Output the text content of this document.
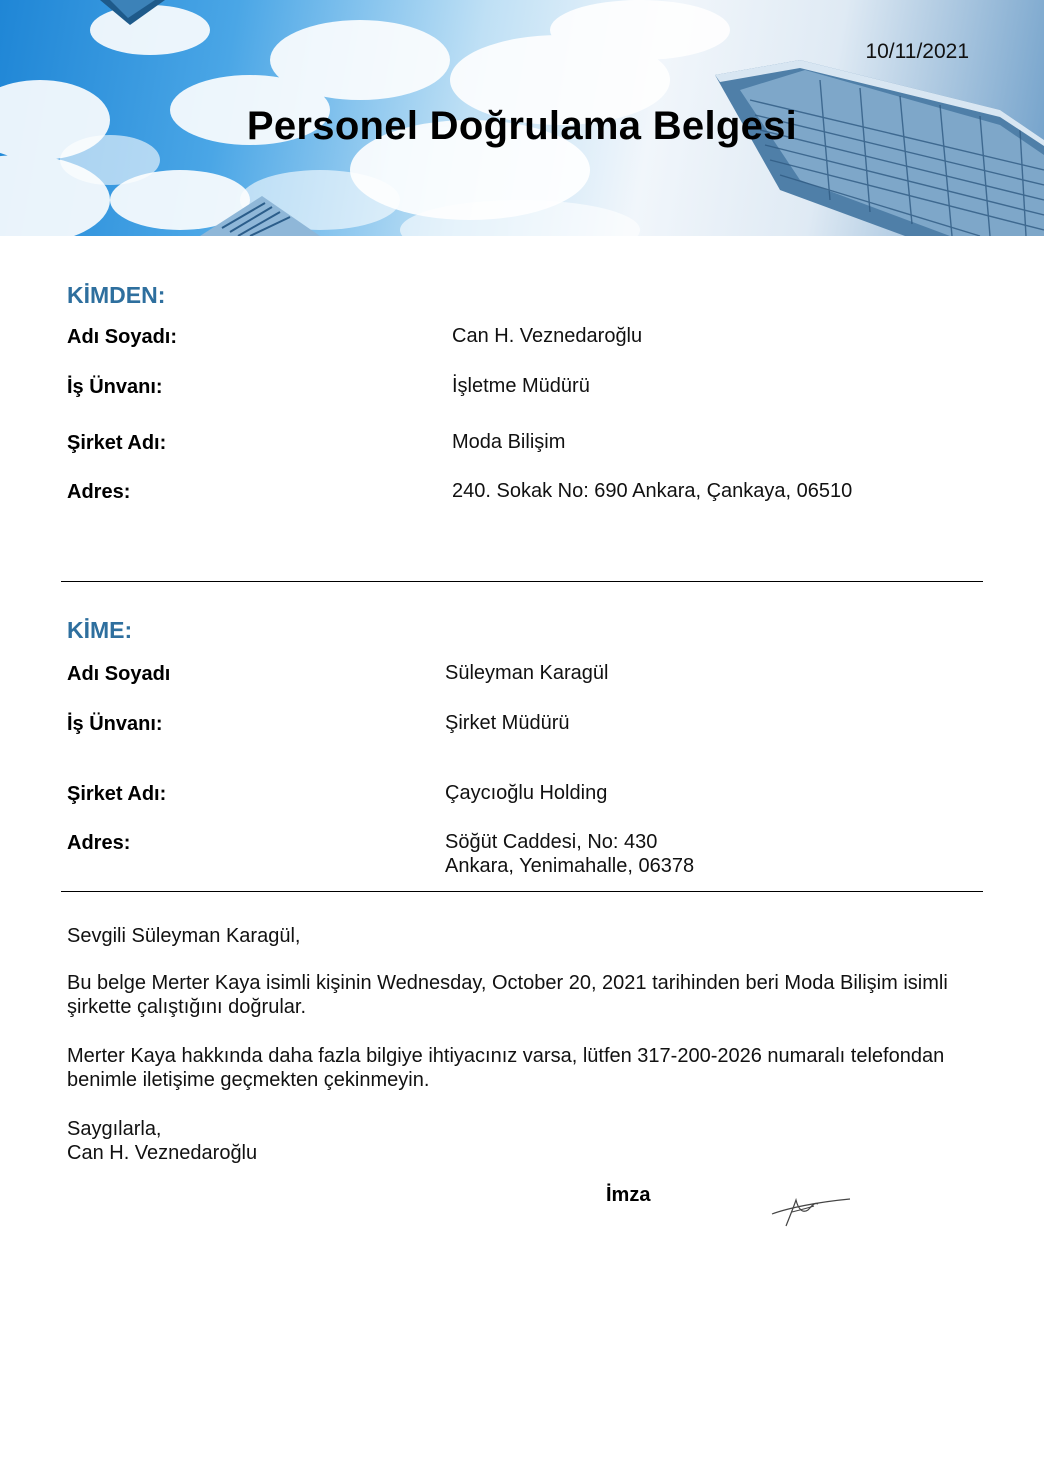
10/11/2021
Personel Doğrulama Belgesi
KİMDEN:
Adı Soyadı:	Can H. Veznedaroğlu
İş Ünvanı:	İşletme Müdürü
Şirket Adı:	Moda Bilişim
Adres:	240. Sokak No: 690 Ankara, Çankaya, 06510
KİME:
Adı Soyadı	Süleyman Karagül
İş Ünvanı:	Şirket Müdürü
Şirket Adı:	Çaycıoğlu Holding
Adres:	Söğüt Caddesi, No: 430
Ankara, Yenimahalle, 06378
Sevgili Süleyman Karagül,
Bu belge Merter Kaya isimli kişinin Wednesday, October 20, 2021 tarihinden beri Moda Bilişim isimli şirkette çalıştığını doğrular.
Merter Kaya hakkında daha fazla bilgiye ihtiyacınız varsa, lütfen 317-200-2026 numaralı telefondan benimle iletişime geçmekten çekinmeyin.
Saygılarla,
Can H. Veznedaroğlu
İmza
